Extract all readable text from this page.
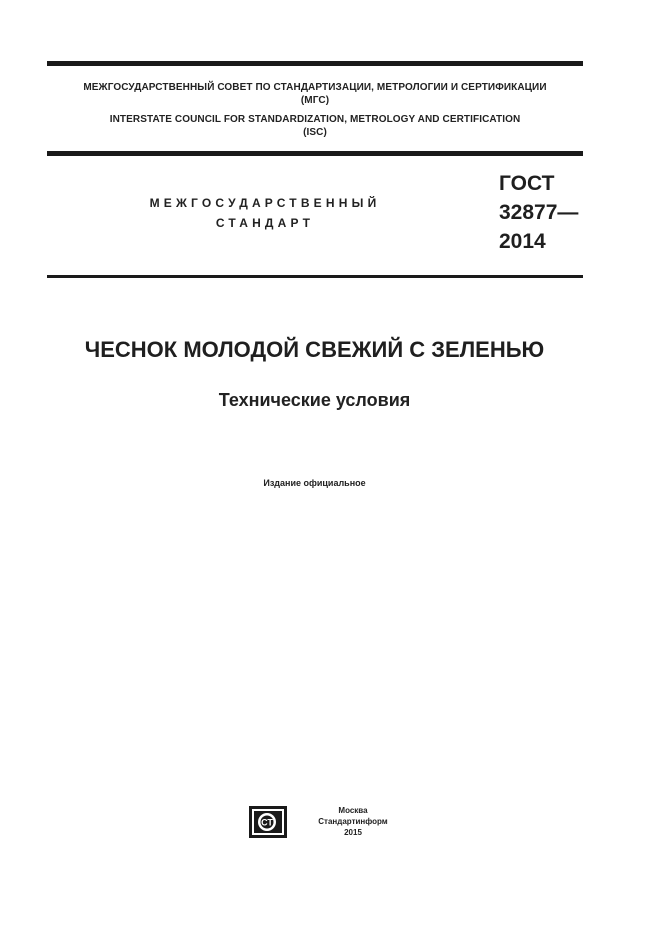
МЕЖГОСУДАРСТВЕННЫЙ СОВЕТ ПО СТАНДАРТИЗАЦИИ, МЕТРОЛОГИИ И СЕРТИФИКАЦИИ
(МГС)
INTERSTATE COUNCIL FOR STANDARDIZATION, METROLOGY AND CERTIFICATION
(ISC)
МЕЖГОСУДАРСТВЕННЫЙ
СТАНДАРТ
ГОСТ
32877—
2014
ЧЕСНОК МОЛОДОЙ СВЕЖИЙ С ЗЕЛЕНЬЮ
Технические условия
Издание официальное
СТ
Москва
Стандартинформ
2015
